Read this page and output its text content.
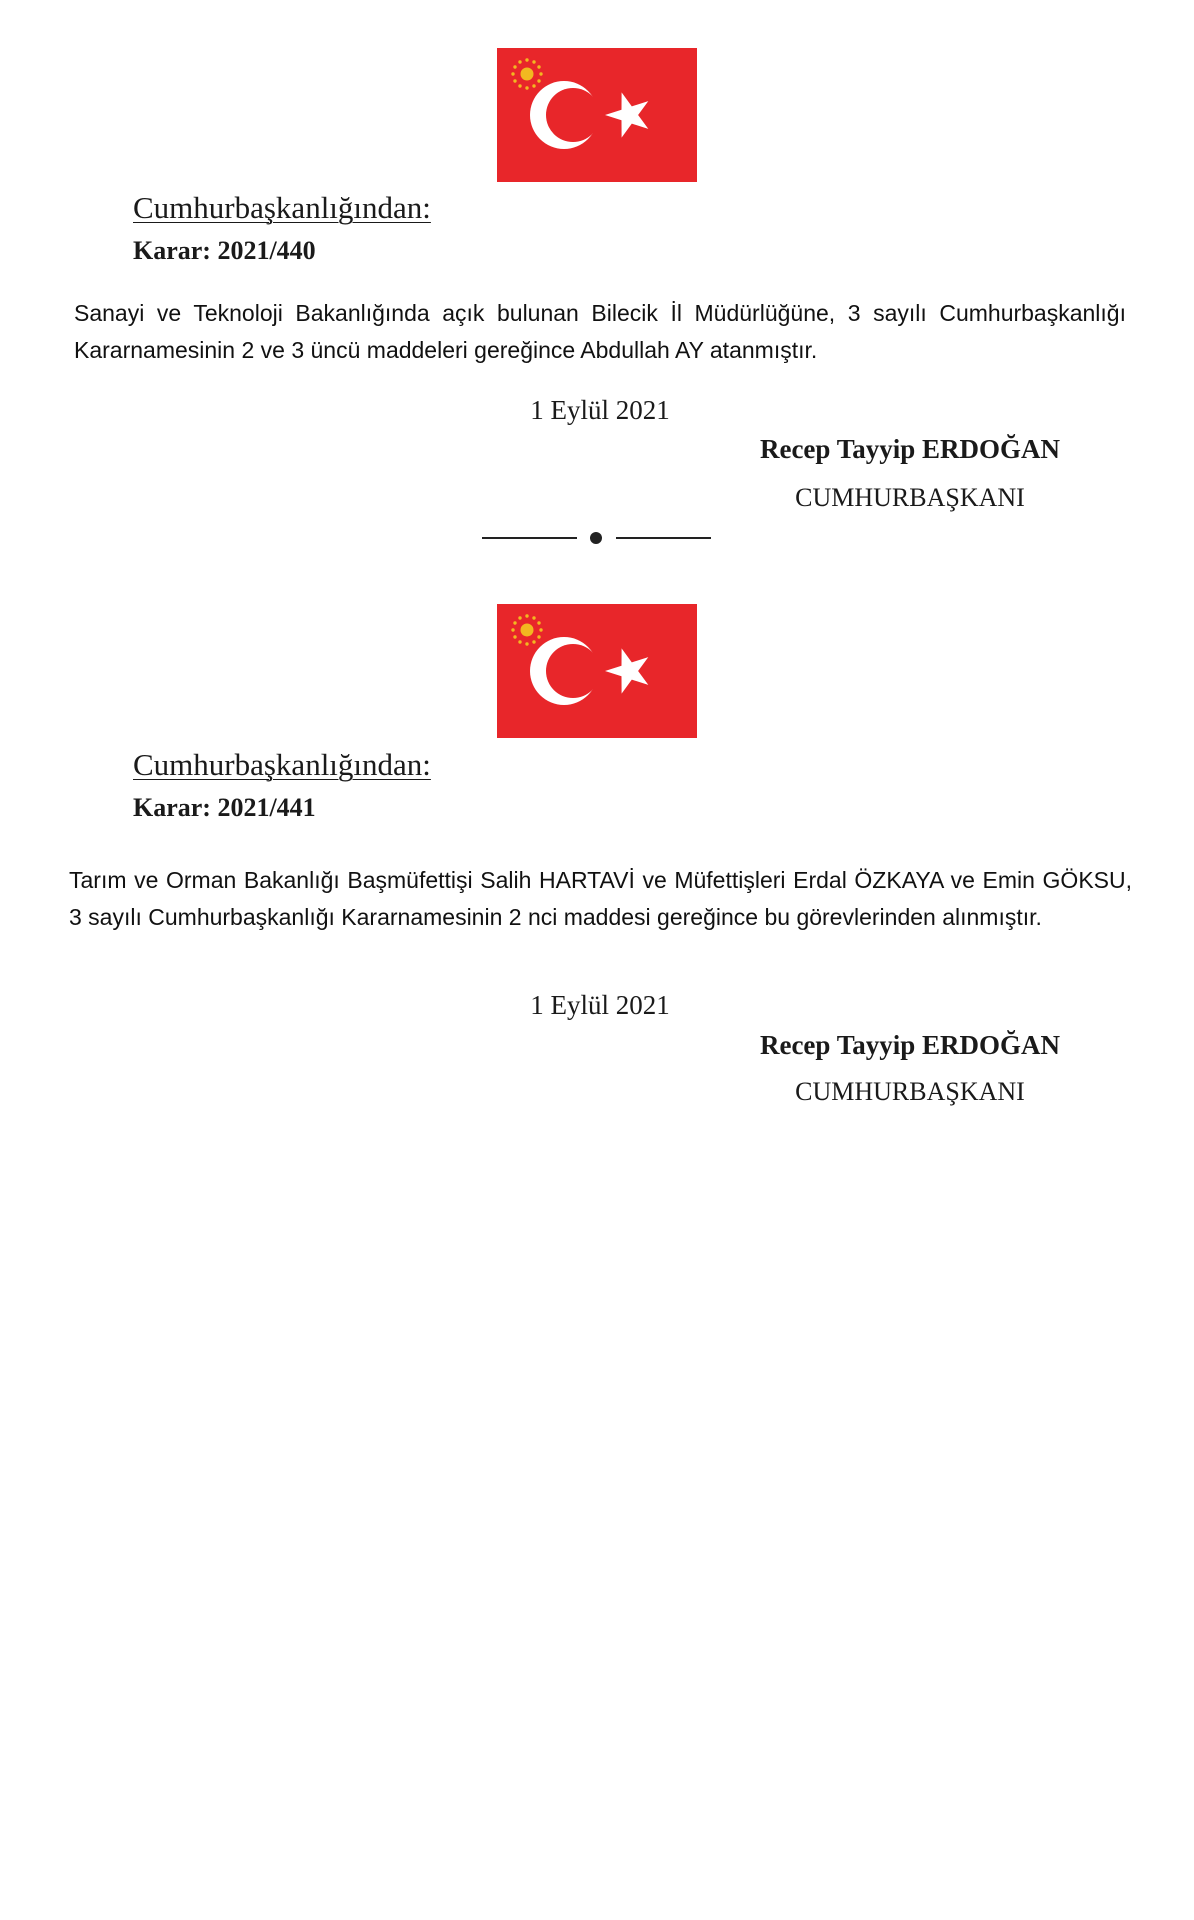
Cumhurbaşkanlığından:
Karar: 2021/440
Sanayi ve Teknoloji Bakanlığında açık bulunan Bilecik İl Müdürlüğüne, 3 sayılı Cumhurbaşkanlığı Kararnamesinin 2 ve 3 üncü maddeleri gereğince Abdullah AY atanmıştır.
1 Eylül 2021
Recep Tayyip ERDOĞAN
CUMHURBAŞKANI
Cumhurbaşkanlığından:
Karar: 2021/441
Tarım ve Orman Bakanlığı Başmüfettişi Salih HARTAVİ ve Müfettişleri Erdal ÖZKAYA ve Emin GÖKSU, 3 sayılı Cumhurbaşkanlığı Kararnamesinin 2 nci maddesi gereğince bu görevlerinden alınmıştır.
1 Eylül 2021
Recep Tayyip ERDOĞAN
CUMHURBAŞKANI
